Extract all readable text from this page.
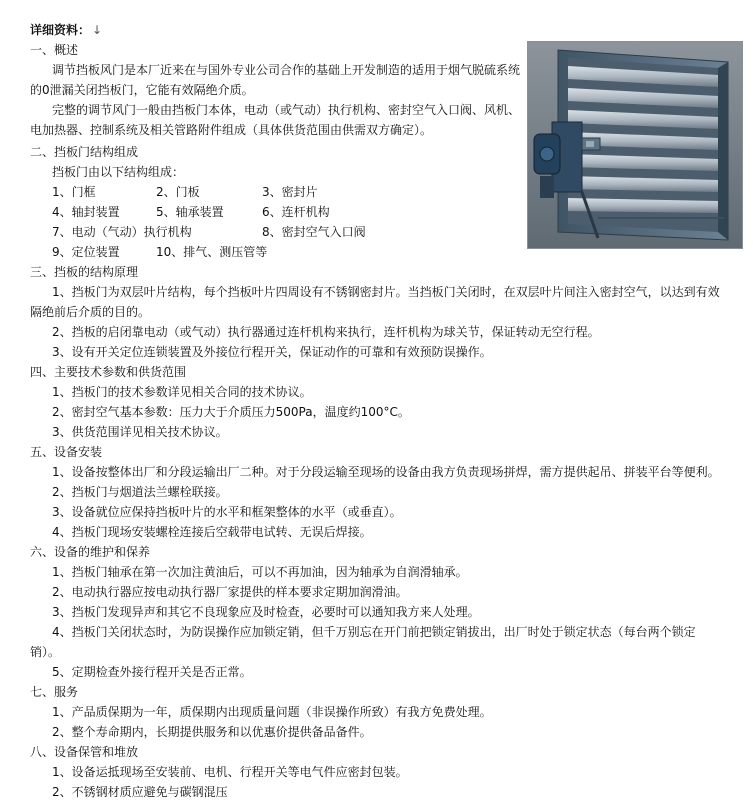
详细资料： ↓
一、概述
调节挡板风门是本厂近来在与国外专业公司合作的基础上开发制造的适用于烟气脱硫系统
的0泄漏关闭挡板门，它能有效隔绝介质。
完整的调节风门一般由挡板门本体，电动（或气动）执行机构、密封空气入口阀、风机、
电加热器、控制系统及相关管路附件组成（具体供货范围由供需双方确定）。
二、挡板门结构组成
挡板门由以下结构组成：
1、门框	2、门板	3、密封片
4、轴封装置	5、轴承装置	6、连杆机构
7、电动（气动）执行机构	8、密封空气入口阀
9、定位装置	10、排气、测压管等
三、挡板的结构原理
1、挡板门为双层叶片结构，每个挡板叶片四周设有不锈钢密封片。当挡板门关闭时，在双层叶片间注入密封空气，以达到有效
隔绝前后介质的目的。
2、挡板的启闭靠电动（或气动）执行器通过连杆机构来执行，连杆机构为球关节，保证转动无空行程。
3、设有开关定位连锁装置及外接位行程开关，保证动作的可靠和有效预防误操作。
四、主要技术参数和供货范围
1、挡板门的技术参数详见相关合同的技术协议。
2、密封空气基本参数：压力大于介质压力500Pa，温度约100°C。
3、供货范围详见相关技术协议。
五、设备安装
1、设备按整体出厂和分段运输出厂二种。对于分段运输至现场的设备由我方负责现场拼焊，需方提供起吊、拼装平台等便利。
2、挡板门与烟道法兰螺栓联接。
3、设备就位应保持挡板叶片的水平和框架整体的水平（或垂直）。
4、挡板门现场安装螺栓连接后空载带电试转、无误后焊接。
六、设备的维护和保养
1、挡板门轴承在第一次加注黄油后，可以不再加油，因为轴承为自润滑轴承。
2、电动执行器应按电动执行器厂家提供的样本要求定期加润滑油。
3、挡板门发现异声和其它不良现象应及时检查，必要时可以通知我方来人处理。
4、挡板门关闭状态时，为防误操作应加锁定销，但千万别忘在开门前把锁定销拔出，出厂时处于锁定状态（每台两个锁定
销）。
5、定期检查外接行程开关是否正常。
七、服务
1、产品质保期为一年，质保期内出现质量问题（非误操作所致）有我方免费处理。
2、整个寿命期内，长期提供服务和以优惠价提供备品备件。
八、设备保管和堆放
1、设备运抵现场至安装前、电机、行程开关等电气件应密封包装。
2、不锈钢材质应避免与碳钢混压
